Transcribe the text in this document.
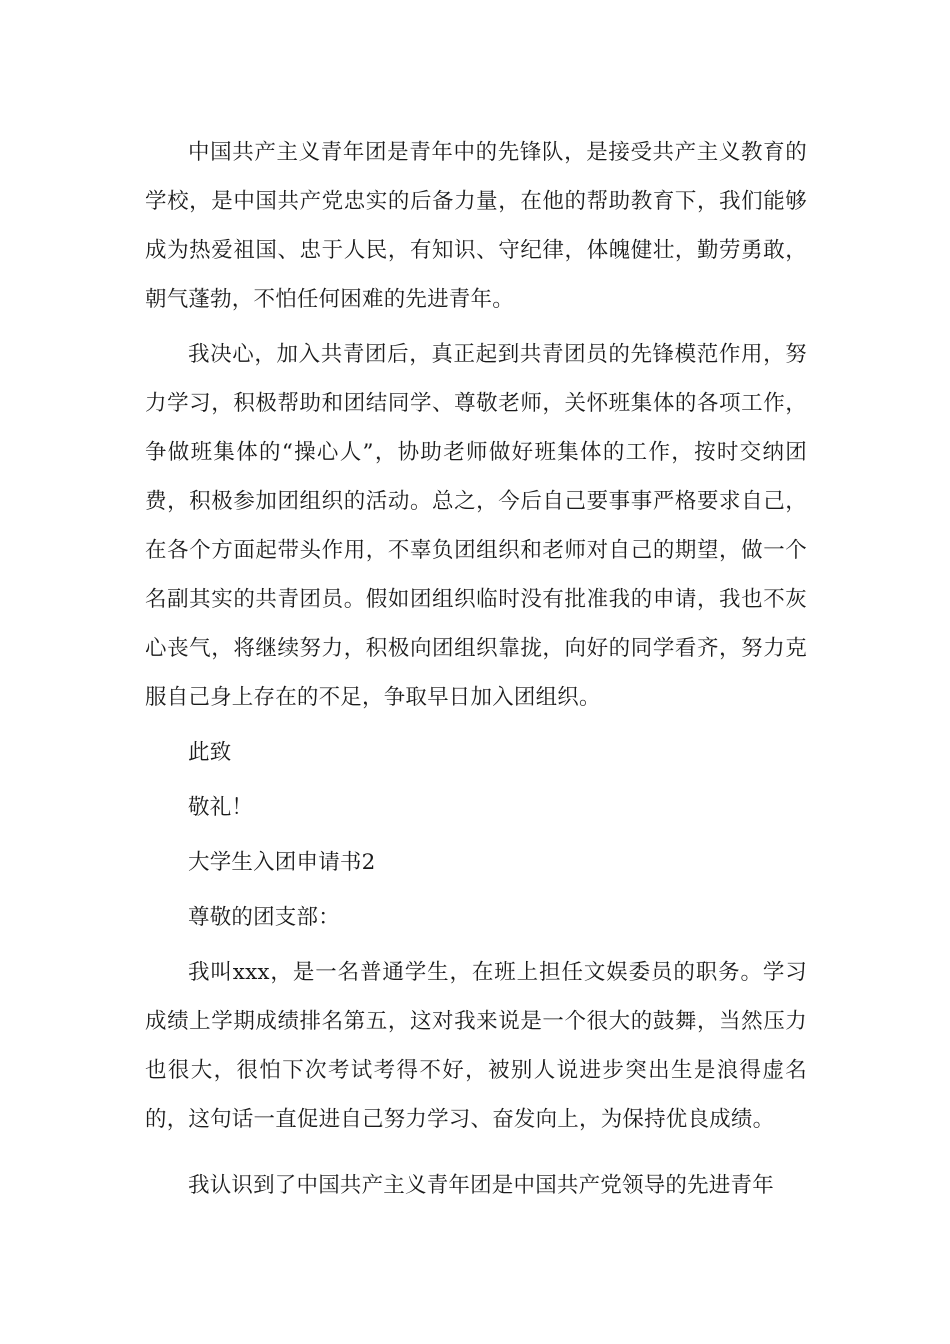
中国共产主义青年团是青年中的先锋队，是接受共产主义教育的学校，是中国共产党忠实的后备力量，在他的帮助教育下，我们能够成为热爱祖国、忠于人民，有知识、守纪律，体魄健壮，勤劳勇敢，朝气蓬勃，不怕任何困难的先进青年。

我决心，加入共青团后，真正起到共青团员的先锋模范作用，努力学习，积极帮助和团结同学、尊敬老师，关怀班集体的各项工作，争做班集体的“操心人”，协助老师做好班集体的工作，按时交纳团费，积极参加团组织的活动。总之，今后自己要事事严格要求自己，在各个方面起带头作用，不辜负团组织和老师对自己的期望，做一个名副其实的共青团员。假如团组织临时没有批准我的申请，我也不灰心丧气，将继续努力，积极向团组织靠拢，向好的同学看齐，努力克服自己身上存在的不足，争取早日加入团组织。

此致

敬礼！

大学生入团申请书2

尊敬的团支部：

我叫xxx，是一名普通学生，在班上担任文娱委员的职务。学习成绩上学期成绩排名第五，这对我来说是一个很大的鼓舞，当然压力也很大，很怕下次考试考得不好，被别人说进步突出生是浪得虚名的，这句话一直促进自己努力学习、奋发向上，为保持优良成绩。

我认识到了中国共产主义青年团是中国共产党领导的先进青年
